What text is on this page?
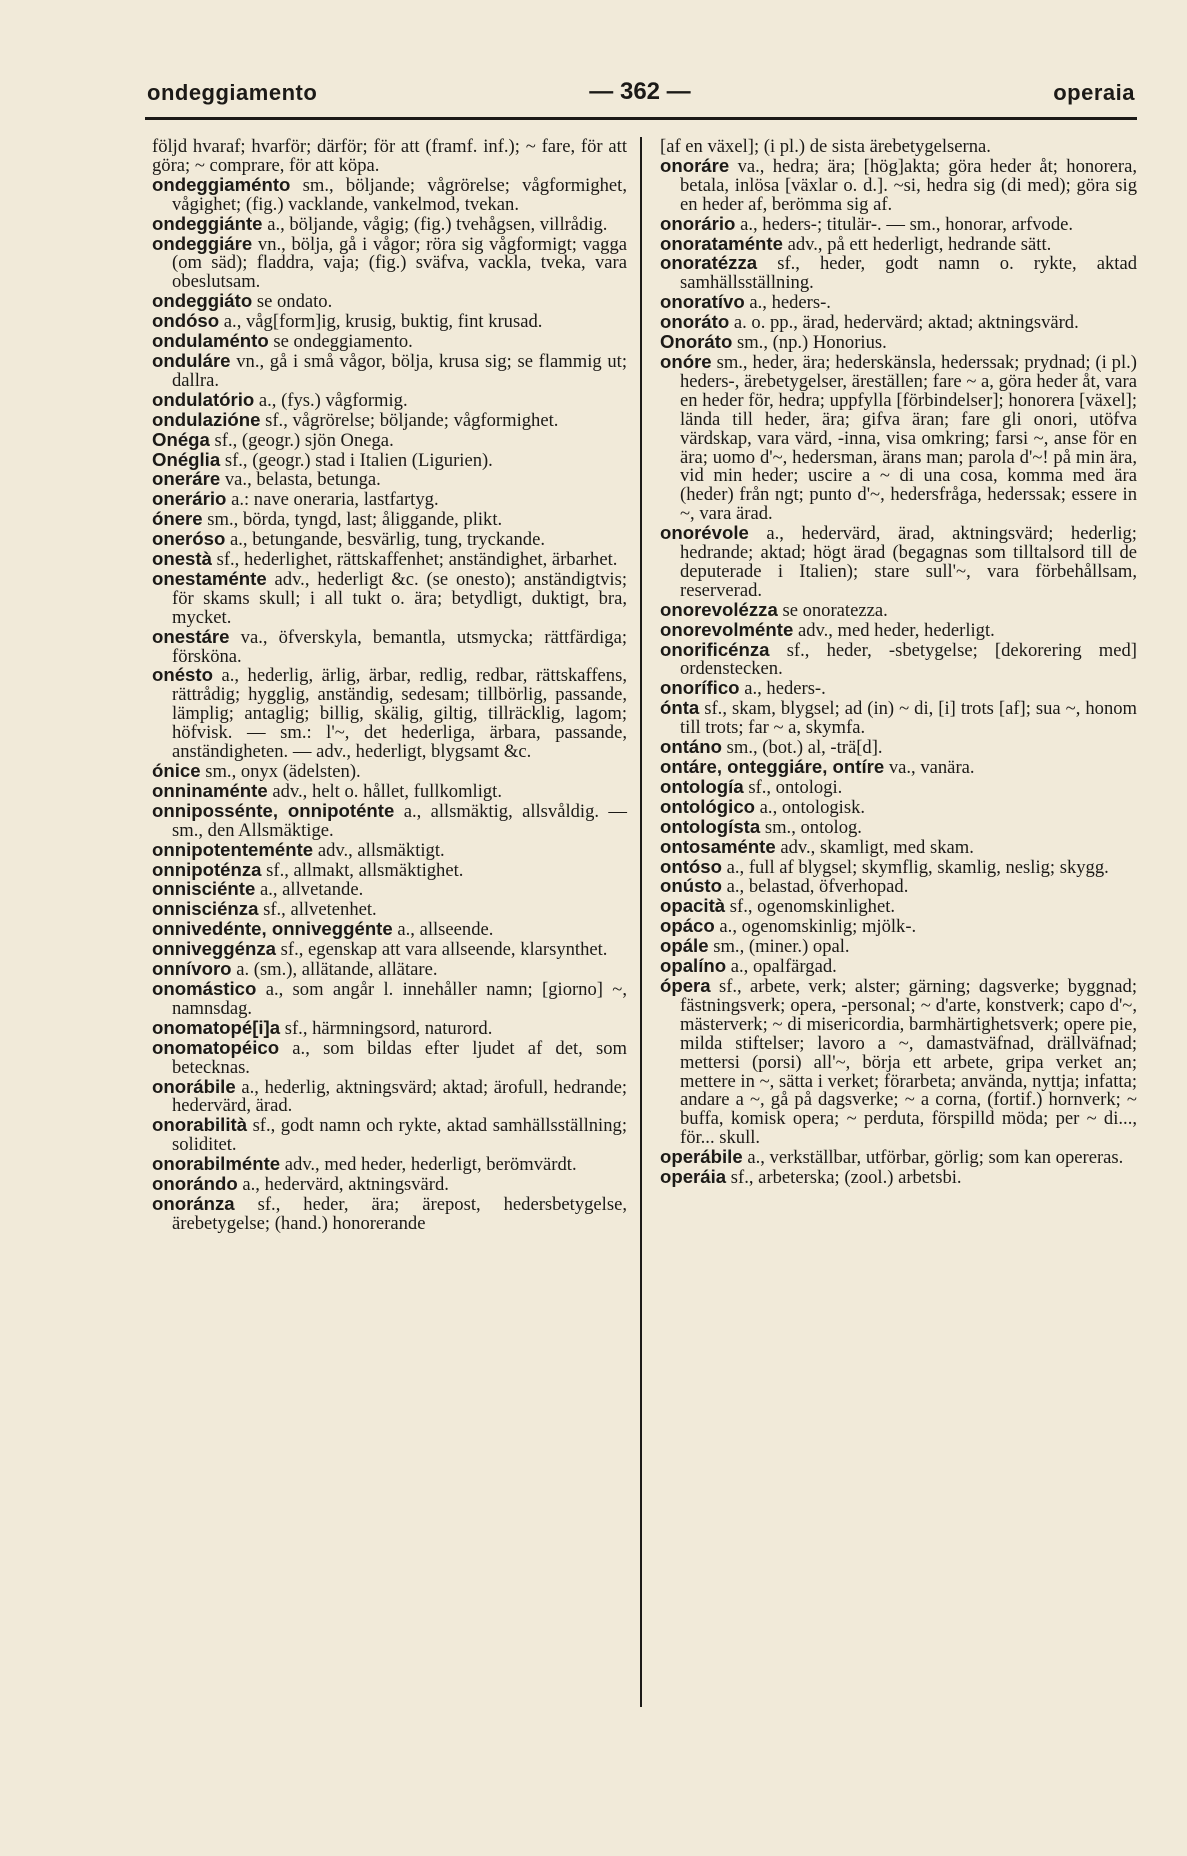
ondeggiamento	— 362 —	operaia
följd hvaraf; hvarför; därför; för att (framf. inf.); ~ fare, för att göra; ~ comprare, för att köpa.
ondeggiaménto sm., böljande; vågrörelse; vågformighet, vågighet; (fig.) vacklande, vankelmod, tvekan.
ondeggiánte a., böljande, vågig; (fig.) tvehågsen, villrådig.
ondeggiáre vn., bölja, gå i vågor; röra sig vågformigt; vagga (om säd); fladdra, vaja; (fig.) sväfva, vackla, tveka, vara obeslutsam.
ondeggiáto se ondato.
ondóso a., våg[form]ig, krusig, buktig, fint krusad.
ondulaménto se ondeggiamento.
onduláre vn., gå i små vågor, bölja, krusa sig; se flammig ut; dallra.
ondulatório a., (fys.) vågformig.
ondulazióne sf., vågrörelse; böljande; vågformighet.
Onéga sf., (geogr.) sjön Onega.
Onéglia sf., (geogr.) stad i Italien (Ligurien).
oneráre va., belasta, betunga.
onerário a.: nave oneraria, lastfartyg.
ónere sm., börda, tyngd, last; åliggande, plikt.
oneróso a., betungande, besvärlig, tung, tryckande.
onestà sf., hederlighet, rättskaffenhet; anständighet, ärbarhet.
onestaménte adv., hederligt &c. (se onesto); anständigtvis; för skams skull; i all tukt o. ära; betydligt, duktigt, bra, mycket.
onestáre va., öfverskyla, bemantla, utsmycka; rättfärdiga; försköna.
onésto a., hederlig, ärlig, ärbar, redlig, redbar, rättskaffens, rättrådig; hygglig, anständig, sedesam; tillbörlig, passande, lämplig; antaglig; billig, skälig, giltig, tillräcklig, lagom; höfvisk. — sm.: l'~, det hederliga, ärbara, passande, anständigheten. — adv., hederligt, blygsamt &c.
ónice sm., onyx (ädelsten).
onninaménte adv., helt o. hållet, fullkomligt.
onnipossénte, onnipoténte a., allsmäktig, allsvåldig. — sm., den Allsmäktige.
onnipotenteménte adv., allsmäktigt.
onnipoténza sf., allmakt, allsmäktighet.
onnisciénte a., allvetande.
onnisciénza sf., allvetenhet.
onnivedénte, onniveggénte a., allseende.
onniveggénza sf., egenskap att vara allseende, klarsynthet.
onnívoro a. (sm.), allätande, allätare.
onomástico a., som angår l. innehåller namn; [giorno] ~, namnsdag.
onomatopé[i]a sf., härmningsord, naturord.
onomatopéico a., som bildas efter ljudet af det, som betecknas.
onorábile a., hederlig, aktningsvärd; aktad; ärofull, hedrande; hedervärd, ärad.
onorabilità sf., godt namn och rykte, aktad samhällsställning; soliditet.
onorabilménte adv., med heder, hederligt, berömvärdt.
onorándo a., hedervärd, aktningsvärd.
onoránza sf., heder, ära; ärepost, hedersbetygelse, ärebetygelse; (hand.) honorerande
[af en växel]; (i pl.) de sista ärebetygelserna.
onoráre va., hedra; ära; [hög]akta; göra heder åt; honorera, betala, inlösa [växlar o. d.]. ~si, hedra sig (di med); göra sig en heder af, berömma sig af.
onorário a., heders-; titulär-. — sm., honorar, arfvode.
onorataménte adv., på ett hederligt, hedrande sätt.
onoratézza sf., heder, godt namn o. rykte, aktad samhällsställning.
onoratívo a., heders-.
onoráto a. o. pp., ärad, hedervärd; aktad; aktningsvärd.
Onoráto sm., (np.) Honorius.
onóre sm., heder, ära; hederskänsla, hederssak; prydnad; (i pl.) heders-, ärebetygelser, äreställen; fare ~ a, göra heder åt, vara en heder för, hedra; uppfylla [förbindelser]; honorera [växel]; lända till heder, ära; gifva äran; fare gli onori, utöfva värdskap, vara värd, -inna, visa omkring; farsi ~, anse för en ära; uomo d'~, hedersman, ärans man; parola d'~! på min ära, vid min heder; uscire a ~ di una cosa, komma med ära (heder) från ngt; punto d'~, hedersfråga, hederssak; essere in ~, vara ärad.
onorévole a., hedervärd, ärad, aktningsvärd; hederlig; hedrande; aktad; högt ärad (begagnas som tilltalsord till de deputerade i Italien); stare sull'~, vara förbehållsam, reserverad.
onorevolézza se onoratezza.
onorevolménte adv., med heder, hederligt.
onorificénza sf., heder, -sbetygelse; [dekorering med] ordenstecken.
onorífico a., heders-.
ónta sf., skam, blygsel; ad (in) ~ di, [i] trots [af]; sua ~, honom till trots; far ~ a, skymfa.
ontáno sm., (bot.) al, -trä[d].
ontáre, onteggiáre, ontíre va., vanära.
ontología sf., ontologi.
ontológico a., ontologisk.
ontologísta sm., ontolog.
ontosaménte adv., skamligt, med skam.
ontóso a., full af blygsel; skymflig, skamlig, neslig; skygg.
onústo a., belastad, öfverhopad.
opacità sf., ogenomskinlighet.
opáco a., ogenomskinlig; mjölk-.
opále sm., (miner.) opal.
opalíno a., opalfärgad.
ópera sf., arbete, verk; alster; gärning; dagsverke; byggnad; fästningsverk; opera, -personal; ~ d'arte, konstverk; capo d'~, mästerverk; ~ di misericordia, barmhärtighetsverk; opere pie, milda stiftelser; lavoro a ~, damastväfnad, drällväfnad; mettersi (porsi) all'~, börja ett arbete, gripa verket an; mettere in ~, sätta i verket; förarbeta; använda, nyttja; infatta; andare a ~, gå på dagsverke; ~ a corna, (fortif.) hornverk; ~ buffa, komisk opera; ~ perduta, förspilld möda; per ~ di..., för... skull.
operábile a., verkställbar, utförbar, görlig; som kan opereras.
operáia sf., arbeterska; (zool.) arbetsbi.
